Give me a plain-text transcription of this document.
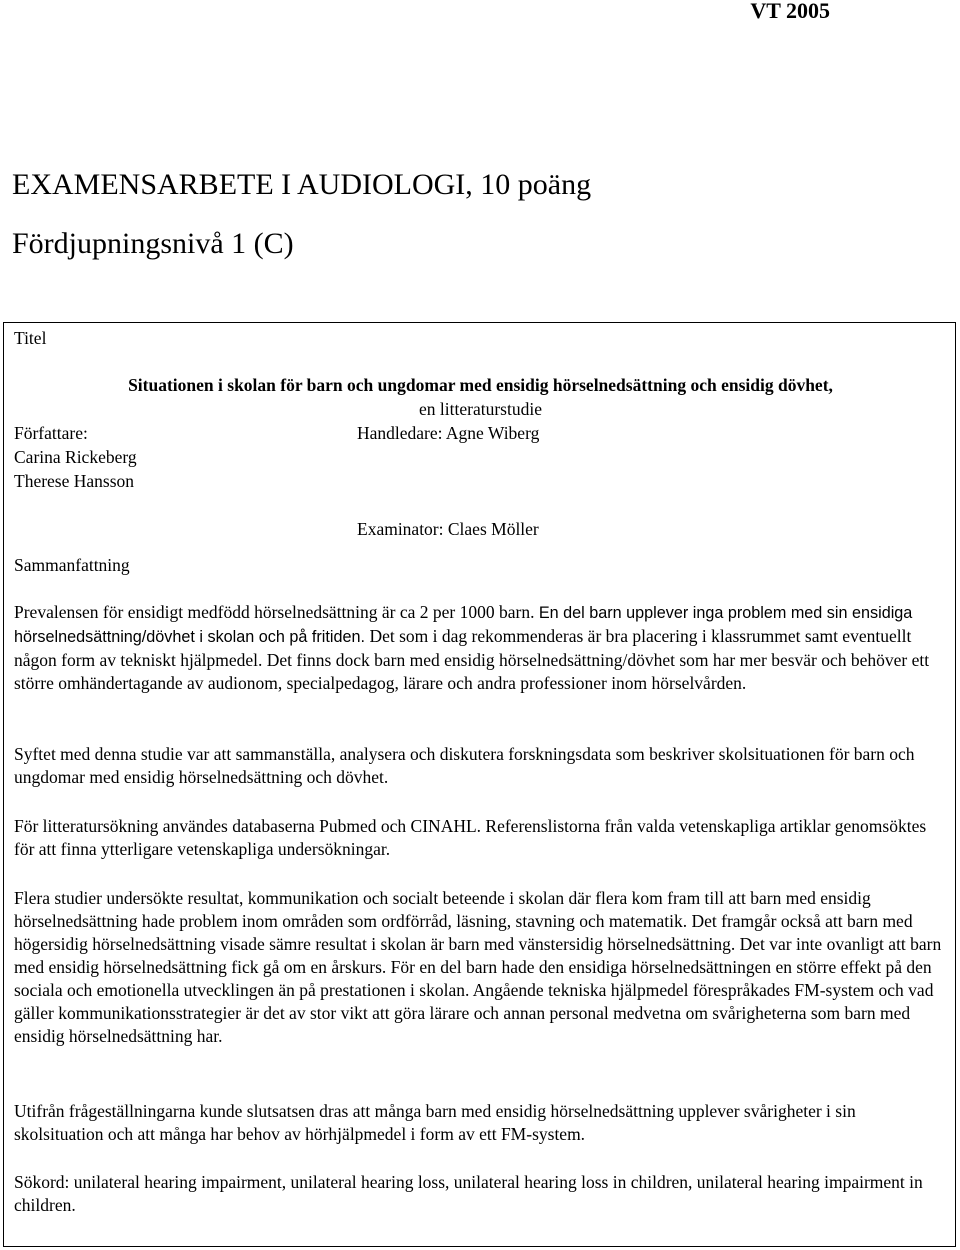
VT 2005
EXAMENSARBETE I AUDIOLOGI, 10 poäng
Fördjupningsnivå 1 (C)
Titel
Situationen i skolan för barn och ungdomar med ensidig hörselnedsättning och ensidig dövhet,
en litteraturstudie
Författare:	Handledare: Agne Wiberg
Carina Rickeberg
Therese Hansson
Examinator: Claes Möller
Sammanfattning
Prevalensen för ensidigt medfödd hörselnedsättning är ca 2 per 1000 barn. En del barn upplever inga problem med sin ensidiga hörselnedsättning/dövhet i skolan och på fritiden. Det som i dag rekommenderas är bra placering i klassrummet samt eventuellt någon form av tekniskt hjälpmedel. Det finns dock barn med ensidig hörselnedsättning/dövhet som har mer besvär och behöver ett större omhändertagande av audionom, specialpedagog, lärare och andra professioner inom hörselvården.
Syftet med denna studie var att sammanställa, analysera och diskutera forskningsdata som beskriver skolsituationen för barn och ungdomar med ensidig hörselnedsättning och dövhet.
För litteratursökning användes databaserna Pubmed och CINAHL. Referenslistorna från valda vetenskapliga artiklar genomsöktes för att finna ytterligare vetenskapliga undersökningar.
Flera studier undersökte resultat, kommunikation och socialt beteende i skolan där flera kom fram till att barn med ensidig hörselnedsättning hade problem inom områden som ordförråd, läsning, stavning och matematik. Det framgår också att barn med högersidig hörselnedsättning visade sämre resultat i skolan är barn med vänstersidig hörselnedsättning. Det var inte ovanligt att barn med ensidig hörselnedsättning fick gå om en årskurs. För en del barn hade den ensidiga hörselnedsättningen en större effekt på den sociala och emotionella utvecklingen än på prestationen i skolan. Angående tekniska hjälpmedel förespråkades FM-system och vad gäller kommunikationsstrategier är det av stor vikt att göra lärare och annan personal medvetna om svårigheterna som barn med ensidig hörselnedsättning har.
Utifrån frågeställningarna kunde slutsatsen dras att många barn med ensidig hörselnedsättning upplever svårigheter i sin skolsituation och att många har behov av hörhjälpmedel i form av ett FM-system.
Sökord: unilateral hearing impairment, unilateral hearing loss, unilateral hearing loss in children, unilateral hearing impairment in children.
